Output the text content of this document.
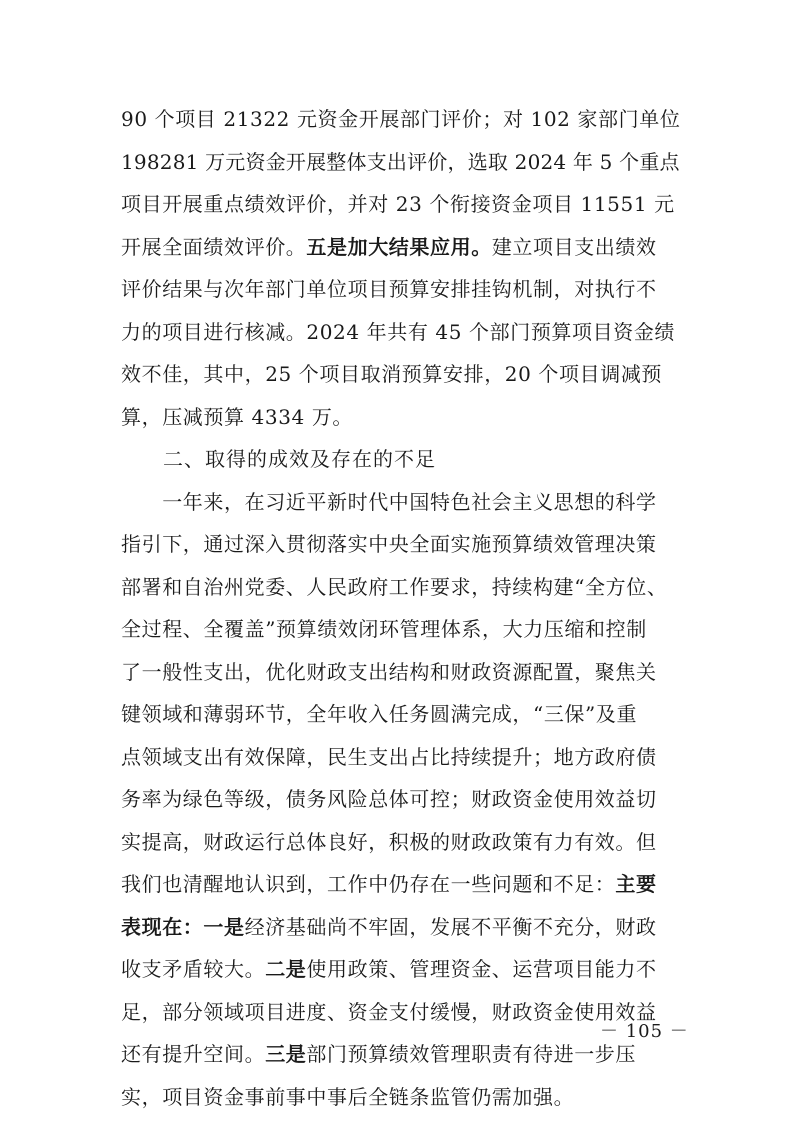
90 个项目 21322 元资金开展部门评价；对 102 家部门单位
198281 万元资金开展整体支出评价，选取 2024 年 5 个重点
项目开展重点绩效评价，并对 23 个衔接资金项目 11551 元
开展全面绩效评价。五是加大结果应用。建立项目支出绩效
评价结果与次年部门单位项目预算安排挂钩机制，对执行不
力的项目进行核减。2024 年共有 45 个部门预算项目资金绩
效不佳，其中，25 个项目取消预算安排，20 个项目调减预
算，压减预算 4334 万。
　　二、取得的成效及存在的不足
　　一年来，在习近平新时代中国特色社会主义思想的科学
指引下，通过深入贯彻落实中央全面实施预算绩效管理决策
部署和自治州党委、人民政府工作要求，持续构建“全方位、
全过程、全覆盖”预算绩效闭环管理体系，大力压缩和控制
了一般性支出，优化财政支出结构和财政资源配置，聚焦关
键领域和薄弱环节，全年收入任务圆满完成，“三保”及重
点领域支出有效保障，民生支出占比持续提升；地方政府债
务率为绿色等级，债务风险总体可控；财政资金使用效益切
实提高，财政运行总体良好，积极的财政政策有力有效。但
我们也清醒地认识到，工作中仍存在一些问题和不足：主要
表现在：一是经济基础尚不牢固，发展不平衡不充分，财政
收支矛盾较大。二是使用政策、管理资金、运营项目能力不
足，部分领域项目进度、资金支付缓慢，财政资金使用效益
还有提升空间。三是部门预算绩效管理职责有待进一步压
实，项目资金事前事中事后全链条监管仍需加强。
－ 105 －
